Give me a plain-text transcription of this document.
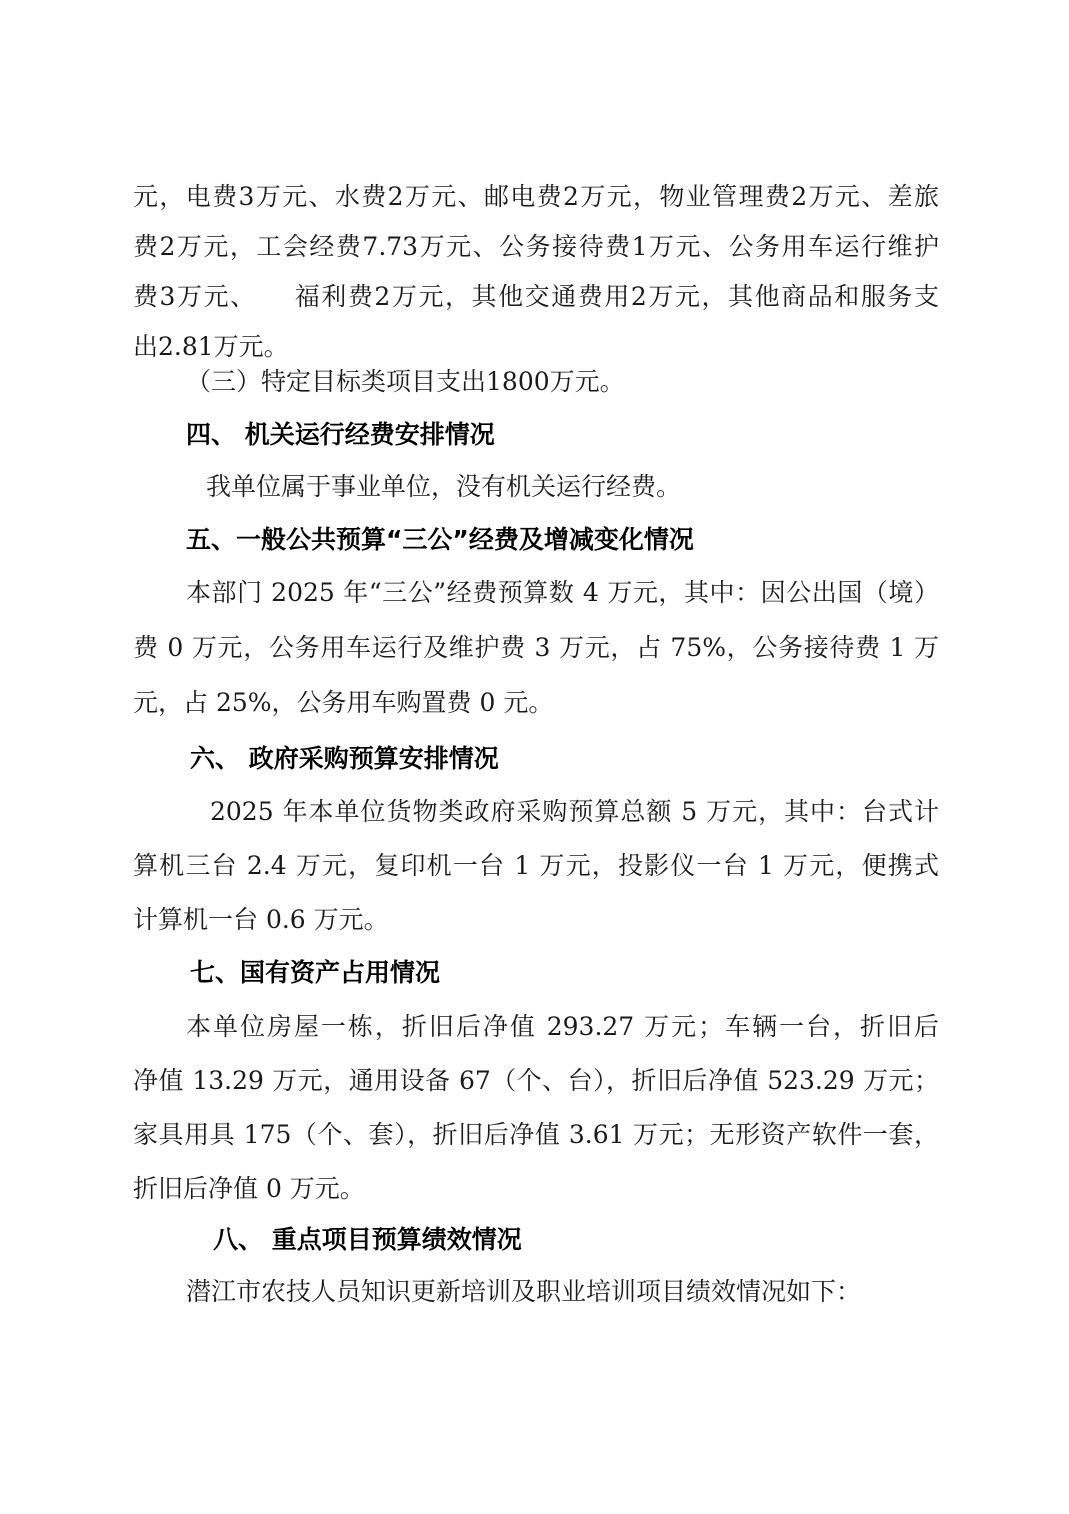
元，电费3万元、水费2万元、邮电费2万元，物业管理费2万元、差旅
费2万元，工会经费7.73万元、公务接待费1万元、公务用车运行维护
费3万元、    福利费2万元，其他交通费用2万元，其他商品和服务支
出2.81万元。
（三）特定目标类项目支出1800万元。
四、 机关运行经费安排情况
我单位属于事业单位，没有机关运行经费。
五、一般公共预算“三公”经费及增减变化情况
本部门 2025 年“三公”经费预算数 4 万元，其中：因公出国（境）
费 0 万元，公务用车运行及维护费 3 万元，占 75%，公务接待费 1 万
元，占 25%，公务用车购置费 0 元。
六、 政府采购预算安排情况
2025 年本单位货物类政府采购预算总额 5 万元，其中：台式计
算机三台 2.4 万元，复印机一台 1 万元，投影仪一台 1 万元，便携式
计算机一台 0.6 万元。
七、国有资产占用情况
本单位房屋一栋，折旧后净值 293.27 万元；车辆一台，折旧后
净值 13.29 万元，通用设备 67（个、台），折旧后净值 523.29 万元；
家具用具 175（个、套），折旧后净值 3.61 万元；无形资产软件一套，
折旧后净值 0 万元。
八、 重点项目预算绩效情况
潜江市农技人员知识更新培训及职业培训项目绩效情况如下：
